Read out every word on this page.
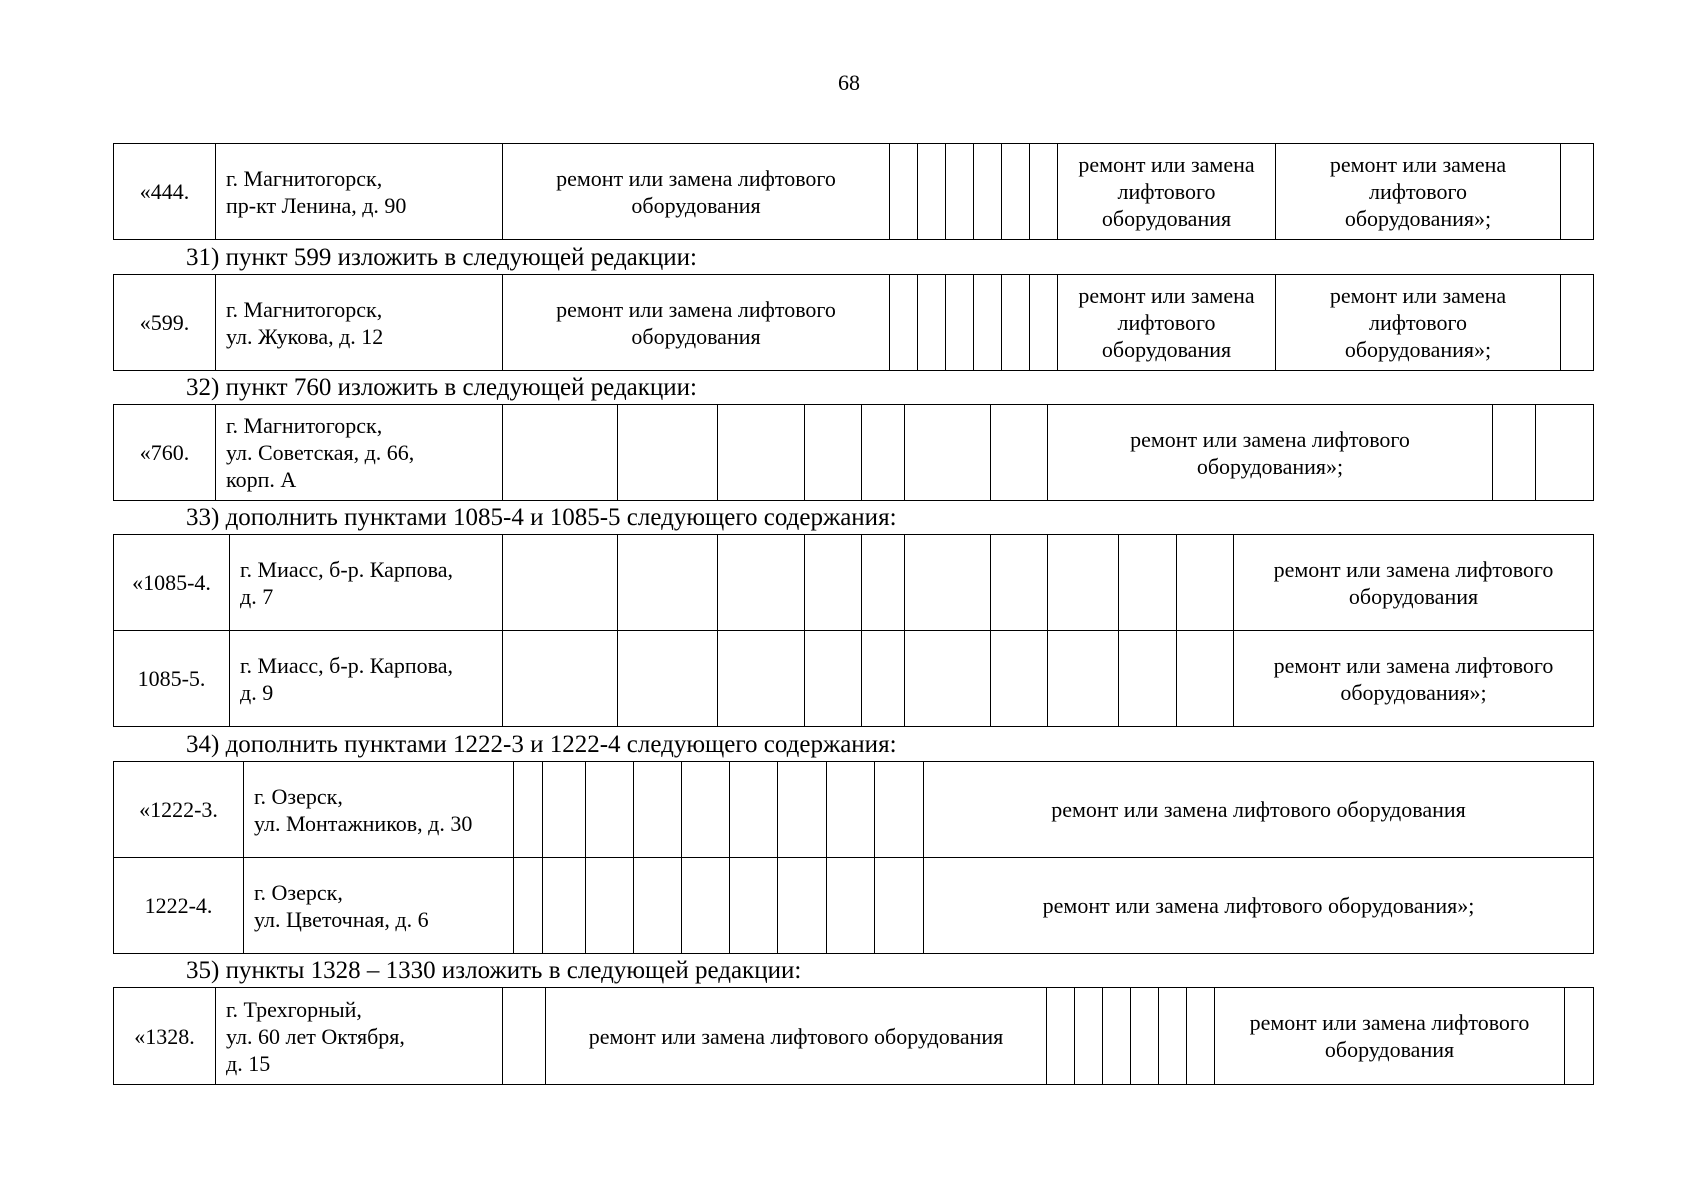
68
«444.	г. Магнитогорск,
пр-кт Ленина, д. 90	ремонт или замена лифтового
оборудования							ремонт или замена
лифтового
оборудования	ремонт или замена
лифтового
оборудования»;	
31) пункт 599 изложить в следующей редакции:
«599.	г. Магнитогорск,
ул. Жукова, д. 12	ремонт или замена лифтового
оборудования							ремонт или замена
лифтового
оборудования	ремонт или замена
лифтового
оборудования»;	
32) пункт 760 изложить в следующей редакции:
«760.	г. Магнитогорск,
ул. Советская, д. 66,
корп. А								ремонт или замена лифтового
оборудования»;		
33) дополнить пунктами 1085-4 и 1085-5 следующего содержания:
«1085-4.	г. Миасс, б-р. Карпова,
д. 7											ремонт или замена лифтового
оборудования
1085-5.	г. Миасс, б-р. Карпова,
д. 9											ремонт или замена лифтового
оборудования»;
34) дополнить пунктами 1222-3 и 1222-4 следующего содержания:
«1222-3.	г. Озерск,
ул. Монтажников, д. 30										ремонт или замена лифтового оборудования
1222-4.	г. Озерск,
ул. Цветочная, д. 6										ремонт или замена лифтового оборудования»;
35) пункты 1328 – 1330 изложить в следующей редакции:
«1328.	г. Трехгорный,
ул. 60 лет Октября,
д. 15		ремонт или замена лифтового оборудования							ремонт или замена лифтового
оборудования	
